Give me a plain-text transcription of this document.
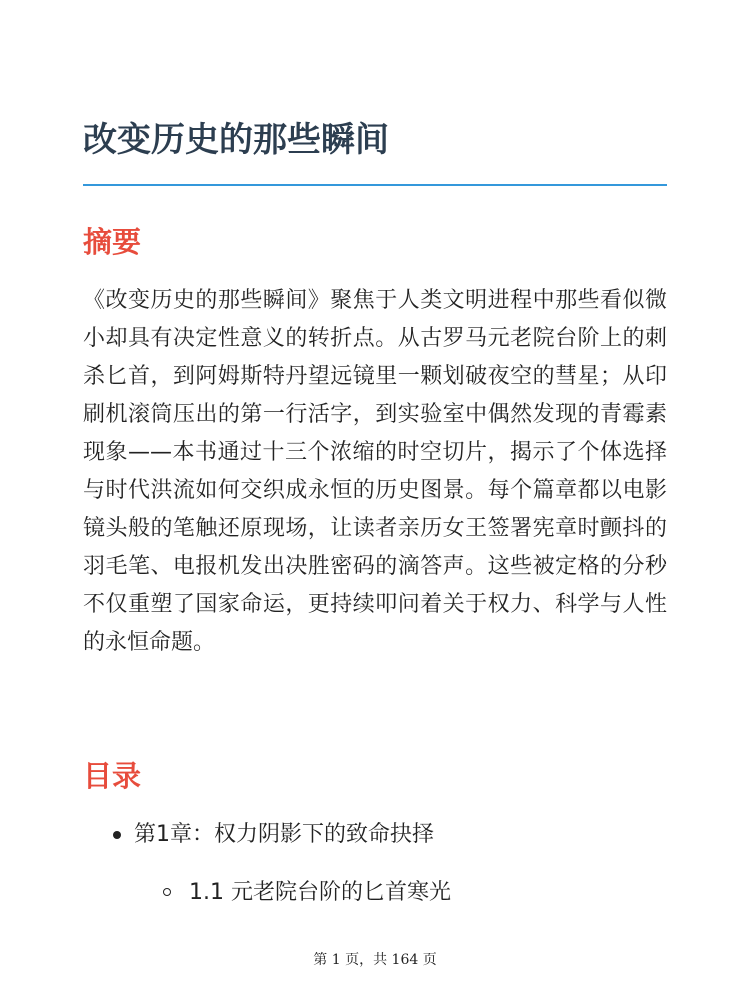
改变历史的那些瞬间
摘要

《改变历史的那些瞬间》聚焦于人类文明进程中那些看似微小却具有决定性意义的转折点。从古罗马元老院台阶上的刺杀匕首，到阿姆斯特丹望远镜里一颗划破夜空的彗星；从印刷机滚筒压出的第一行活字，到实验室中偶然发现的青霉素现象——本书通过十三个浓缩的时空切片，揭示了个体选择与时代洪流如何交织成永恒的历史图景。每个篇章都以电影镜头般的笔触还原现场，让读者亲历女王签署宪章时颤抖的羽毛笔、电报机发出决胜密码的滴答声。这些被定格的分秒不仅重塑了国家命运，更持续叩问着关于权力、科学与人性的永恒命题。

目录
第1章：权力阴影下的致命抉择
1.1 元老院台阶的匕首寒光
第 1 页，共 164 页
